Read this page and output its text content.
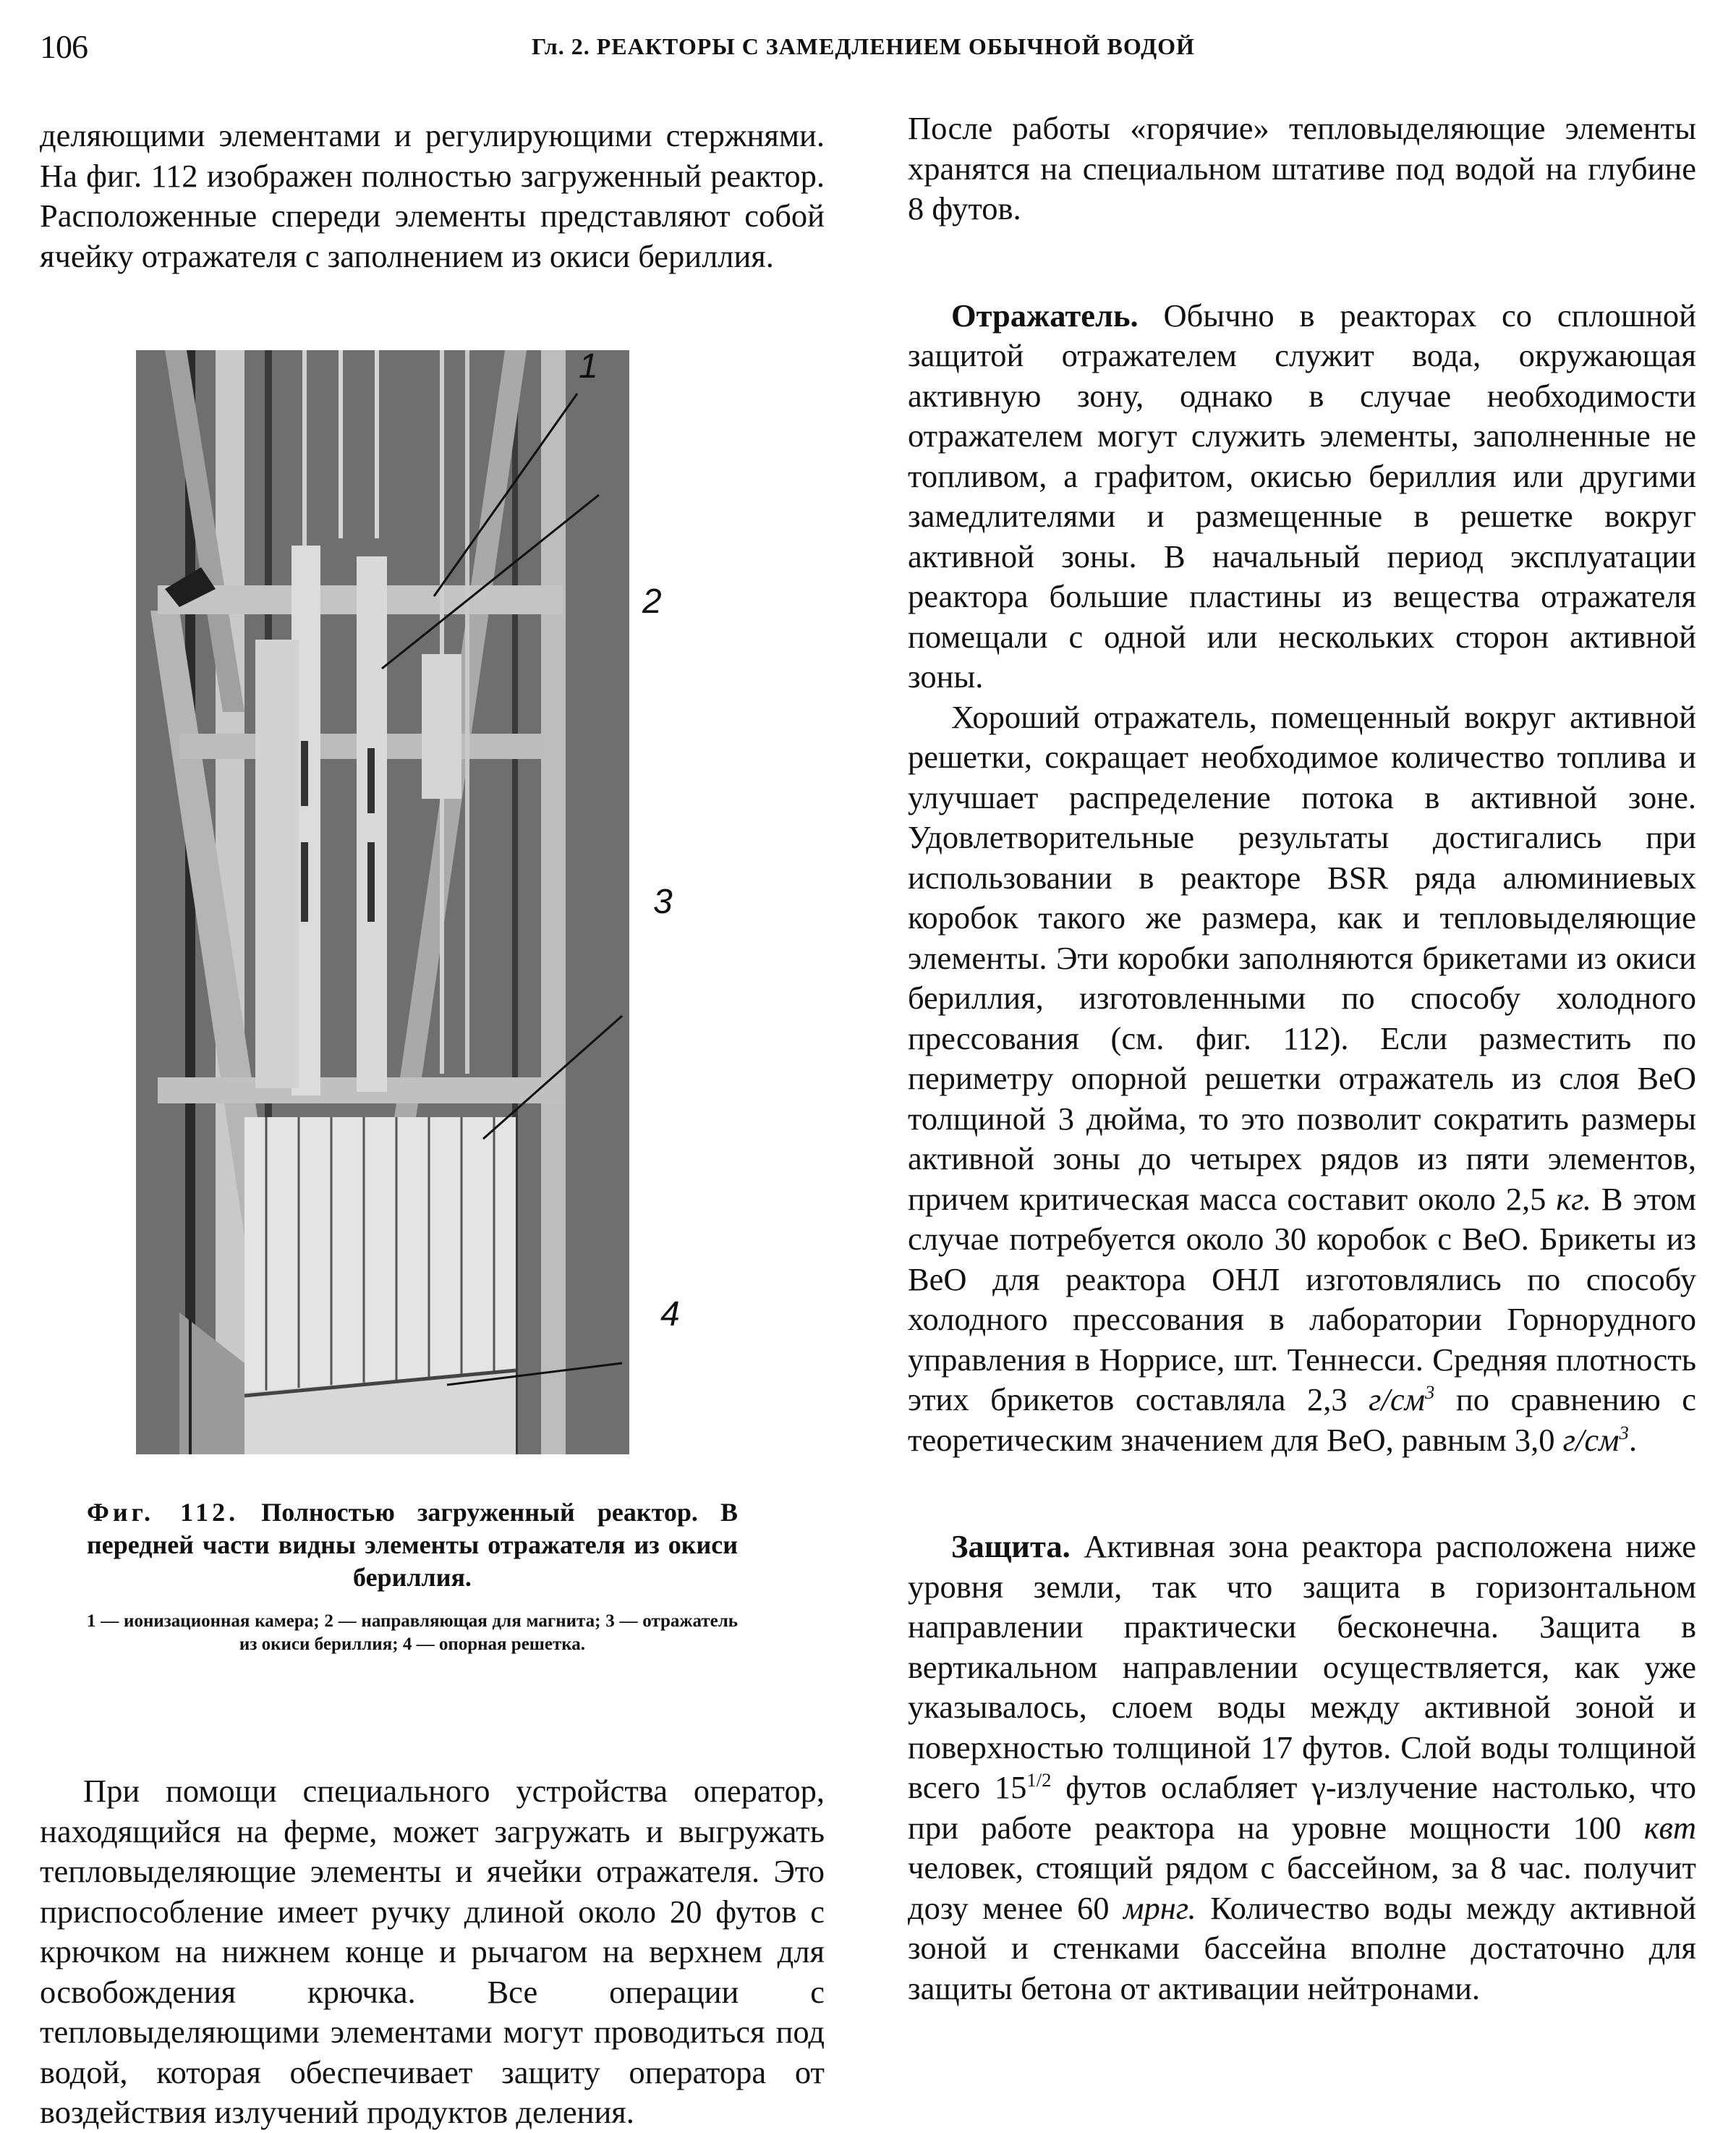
106	Гл. 2. РЕАКТОРЫ С ЗАМЕДЛЕНИЕМ ОБЫЧНОЙ ВОДОЙ

деляющими элементами и регулирующими стержнями. На фиг. 112 изображен полностью загруженный реактор. Расположенные спереди элементы представляют собой ячейку отражателя с заполнением из окиси бериллия.

1
2
3
4
Фиг. 112. Полностью загруженный реактор. В передней части видны элементы отражателя из окиси бериллия.
1 — ионизационная камера; 2 — направляющая для магнита; 3 — отражатель из окиси бериллия; 4 — опорная решетка.

При помощи специального устройства оператор, находящийся на ферме, может загружать и выгружать тепловыделяющие элементы и ячейки отражателя. Это приспособление имеет ручку длиной около 20 футов с крючком на нижнем конце и рычагом на верхнем для освобождения крючка. Все операции с тепловыделяющими элементами могут проводиться под водой, которая обеспечивает защиту оператора от воздействия излучений продуктов деления.

После работы «горячие» тепловыделяющие элементы хранятся на специальном штативе под водой на глубине 8 футов.

Отражатель. Обычно в реакторах со сплошной защитой отражателем служит вода, окружающая активную зону, однако в случае необходимости отражателем могут служить элементы, заполненные не топливом, а графитом, окисью бериллия или другими замедлителями и размещенные в решетке вокруг активной зоны. В начальный период эксплуатации реактора большие пластины из вещества отражателя помещали с одной или нескольких сторон активной зоны.

Хороший отражатель, помещенный вокруг активной решетки, сокращает необходимое количество топлива и улучшает распределение потока в активной зоне. Удовлетворительные результаты достигались при использовании в реакторе BSR ряда алюминиевых коробок такого же размера, как и тепловыделяющие элементы. Эти коробки заполняются брикетами из окиси бериллия, изготовленными по способу холодного прессования (см. фиг. 112). Если разместить по периметру опорной решетки отражатель из слоя BeO толщиной 3 дюйма, то это позволит сократить размеры активной зоны до четырех рядов из пяти элементов, причем критическая масса составит около 2,5 кг. В этом случае потребуется около 30 коробок с BeO. Брикеты из BeO для реактора ОНЛ изготовлялись по способу холодного прессования в лаборатории Горнорудного управления в Норрисе, шт. Теннесси. Средняя плотность этих брикетов составляла 2,3 $г/см^3$ по сравнению с теоретическим значением для BeO, равным 3,0 $г/см^3$.

Защита. Активная зона реактора расположена ниже уровня земли, так что защита в горизонтальном направлении практически бесконечна. Защита в вертикальном направлении осуществляется, как уже указывалось, слоем воды между активной зоной и поверхностью толщиной 17 футов. Слой воды толщиной всего $15^{1/2}$ футов ослабляет γ-излучение настолько, что при работе реактора на уровне мощности 100 квт человек, стоящий рядом с бассейном, за 8 час. получит дозу менее 60 мрнг. Количество воды между активной зоной и стенками бассейна вполне достаточно для защиты бетона от активации нейтронами.
